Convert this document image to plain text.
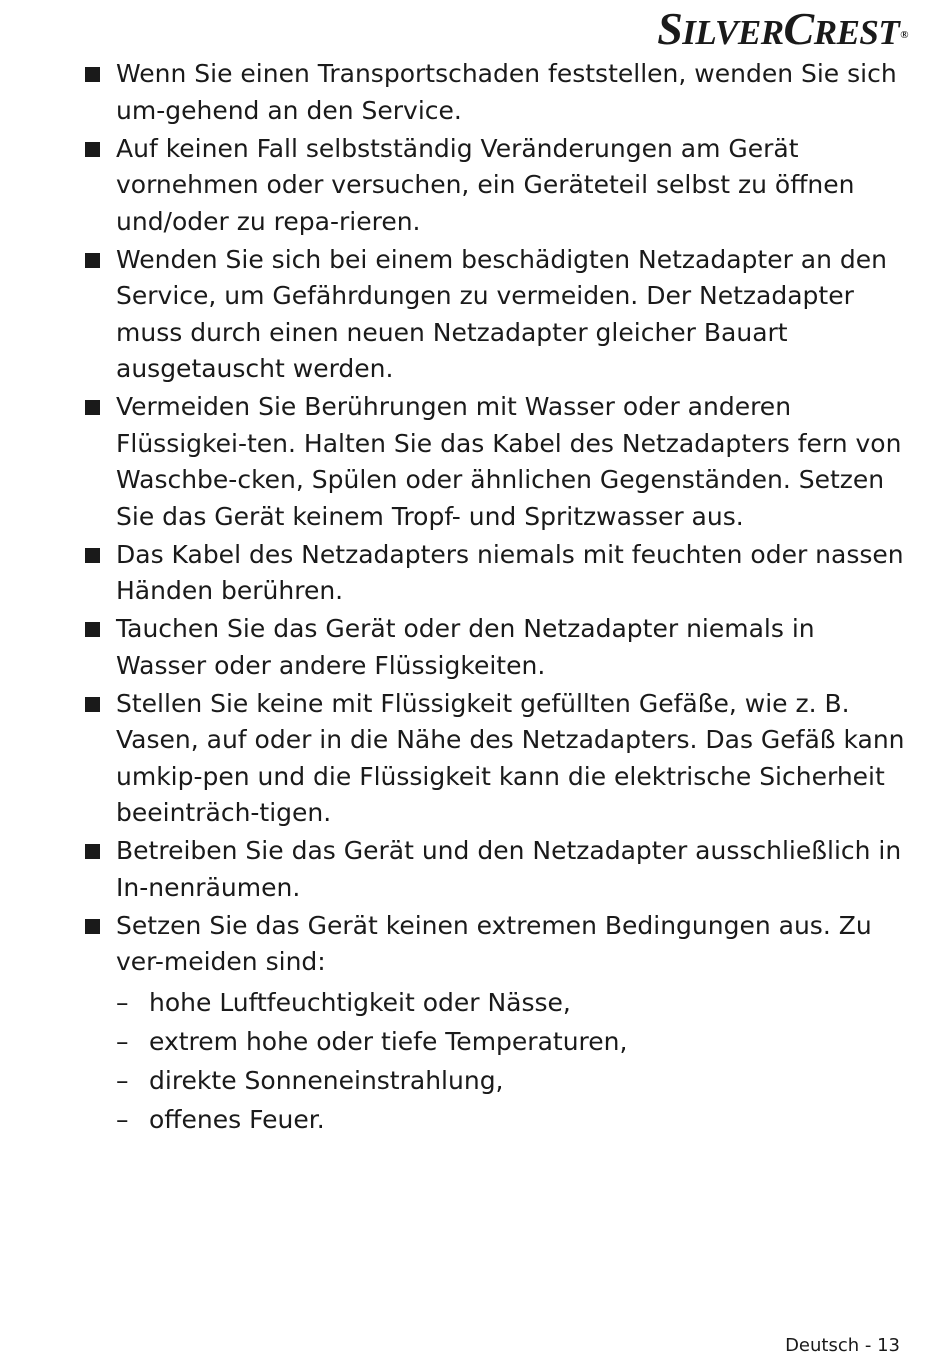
SILVERCREST®
Wenn Sie einen Transportschaden feststellen, wenden Sie sich um-gehend an den Service.
Auf keinen Fall selbstständig Veränderungen am Gerät vornehmen oder versuchen, ein Geräteteil selbst zu öffnen und/oder zu repa-rieren.
Wenden Sie sich bei einem beschädigten Netzadapter an den Service, um Gefährdungen zu vermeiden. Der Netzadapter muss durch einen neuen Netzadapter gleicher Bauart ausgetauscht werden.
Vermeiden Sie Berührungen mit Wasser oder anderen Flüssigkei-ten. Halten Sie das Kabel des Netzadapters fern von Waschbe-cken, Spülen oder ähnlichen Gegenständen. Setzen Sie das Gerät keinem Tropf- und Spritzwasser aus.
Das Kabel des Netzadapters niemals mit feuchten oder nassen Händen berühren.
Tauchen Sie das Gerät oder den Netzadapter niemals in Wasser oder andere Flüssigkeiten.
Stellen Sie keine mit Flüssigkeit gefüllten Gefäße, wie z. B. Vasen, auf oder in die Nähe des Netzadapters. Das Gefäß kann umkip-pen und die Flüssigkeit kann die elektrische Sicherheit beeinträch-tigen.
Betreiben Sie das Gerät und den Netzadapter ausschließlich in In-nenräumen.
Setzen Sie das Gerät keinen extremen Bedingungen aus. Zu ver-meiden sind:
– hohe Luftfeuchtigkeit oder Nässe,
– extrem hohe oder tiefe Temperaturen,
– direkte Sonneneinstrahlung,
– offenes Feuer.
Deutsch - 13
